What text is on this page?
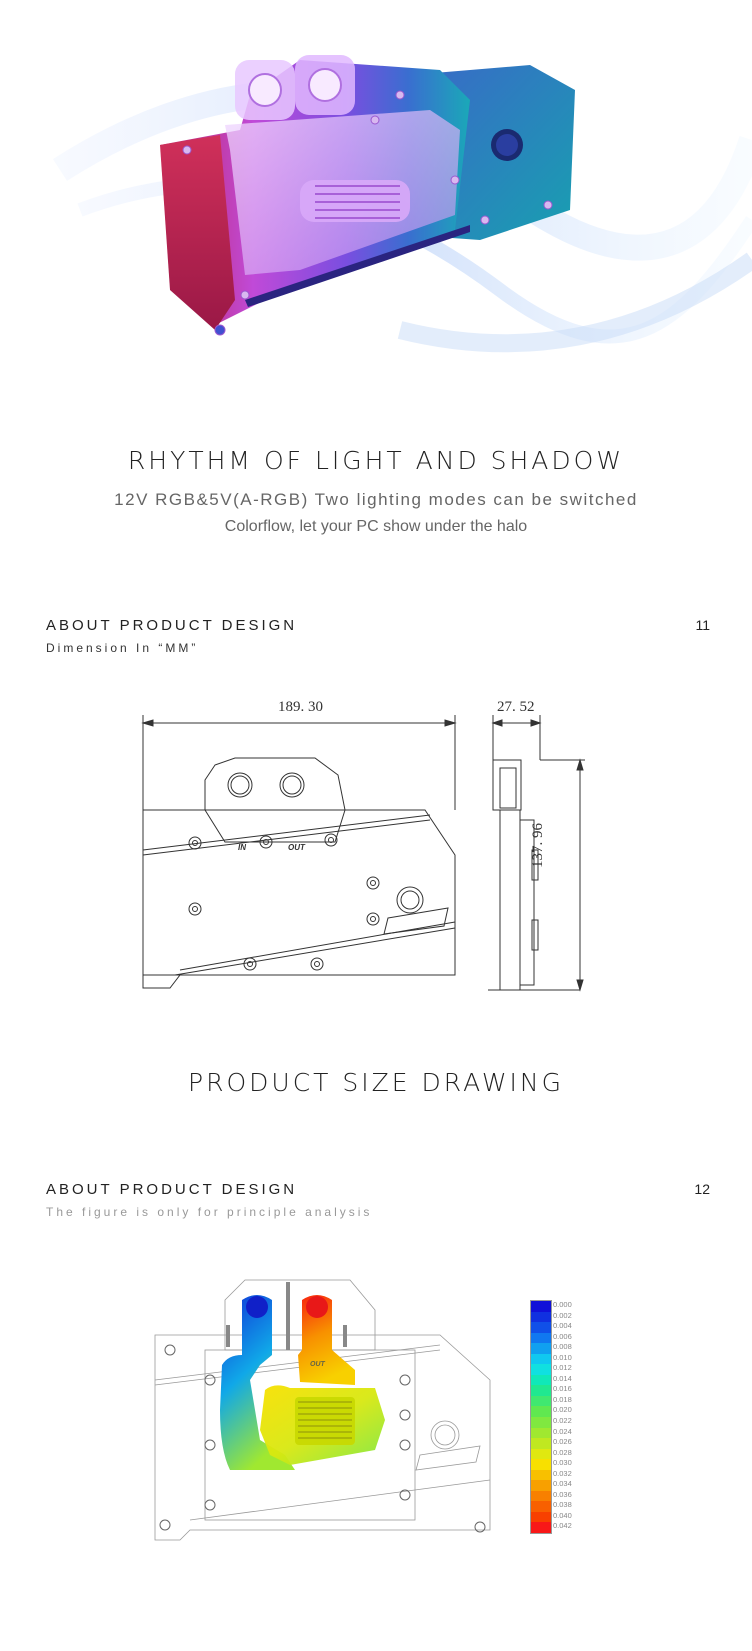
RHYTHM OF LIGHT AND SHADOW
12V RGB&5V(A-RGB) Two lighting modes can be switched
Colorflow, let your PC show under the halo
ABOUT PRODUCT DESIGN
Dimension In “MM”
11
189. 30	27. 52
137. 96
IN	OUT
PRODUCT SIZE DRAWING
ABOUT PRODUCT DESIGN
The figure is only for principle analysis
12
OUT
0.000
0.002
0.004
0.006
0.008
0.010
0.012
0.014
0.016
0.018
0.020
0.022
0.024
0.026
0.028
0.030
0.032
0.034
0.036
0.038
0.040
0.042
